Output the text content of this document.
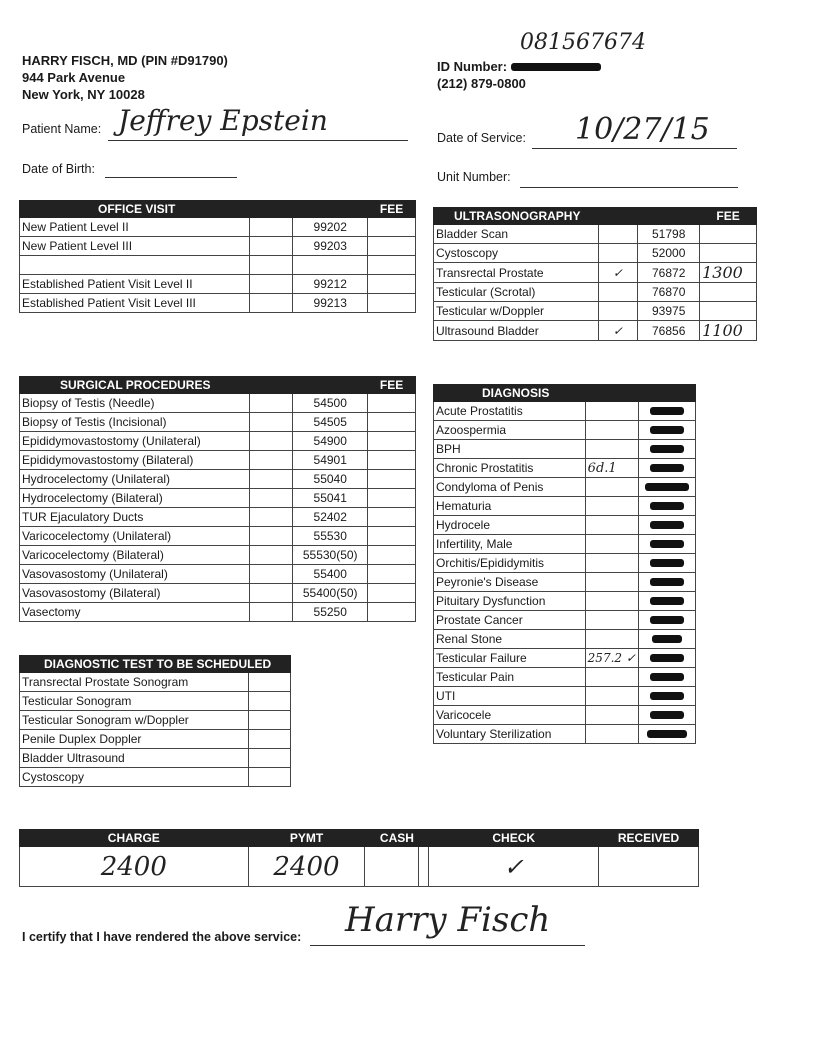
HARRY FISCH, MD (PIN #D91790)
944 Park Avenue
New York, NY 10028
081567674
ID Number:
(212) 879-0800
Patient Name: Jeffrey Epstein
Date of Service: 10/27/15
Date of Birth:
Unit Number:
OFFICE VISIT			FEE
New Patient Level II		99202	
New Patient Level III		99203	

Established Patient Visit Level II		99212	
Established Patient Visit Level III		99213	
ULTRASONOGRAPHY			FEE
Bladder Scan		51798	
Cystoscopy		52000	
Transrectal Prostate	✓	76872	1300
Testicular (Scrotal)		76870	
Testicular w/Doppler		93975	
Ultrasound Bladder	✓	76856	1100
SURGICAL PROCEDURES			FEE
Biopsy of Testis (Needle)		54500	
Biopsy of Testis (Incisional)		54505	
Epididymovastostomy (Unilateral)		54900	
Epididymovastostomy (Bilateral)		54901	
Hydrocelectomy (Unilateral)		55040	
Hydrocelectomy (Bilateral)		55041	
TUR Ejaculatory Ducts		52402	
Varicocelectomy (Unilateral)		55530	
Varicocelectomy (Bilateral)		55530(50)	
Vasovasostomy (Unilateral)		55400	
Vasovasostomy (Bilateral)		55400(50)	
Vasectomy		55250	
DIAGNOSIS		
Acute Prostatitis		
Azoospermia		
BPH		
Chronic Prostatitis	6d.1	
Condyloma of Penis		
Hematuria		
Hydrocele		
Infertility, Male		
Orchitis/Epididymitis		
Peyronie's Disease		
Pituitary Dysfunction		
Prostate Cancer		
Renal Stone		
Testicular Failure	257.2 ✓	
Testicular Pain		
UTI		
Varicocele		
Voluntary Sterilization		
DIAGNOSTIC TEST TO BE SCHEDULED	
Transrectal Prostate Sonogram	
Testicular Sonogram	
Testicular Sonogram w/Doppler	
Penile Duplex Doppler	
Bladder Ultrasound	
Cystoscopy	
CHARGE	PYMT	CASH		CHECK	RECEIVED
2400	2400			✓	
I certify that I have rendered the above service: Harry Fisch
